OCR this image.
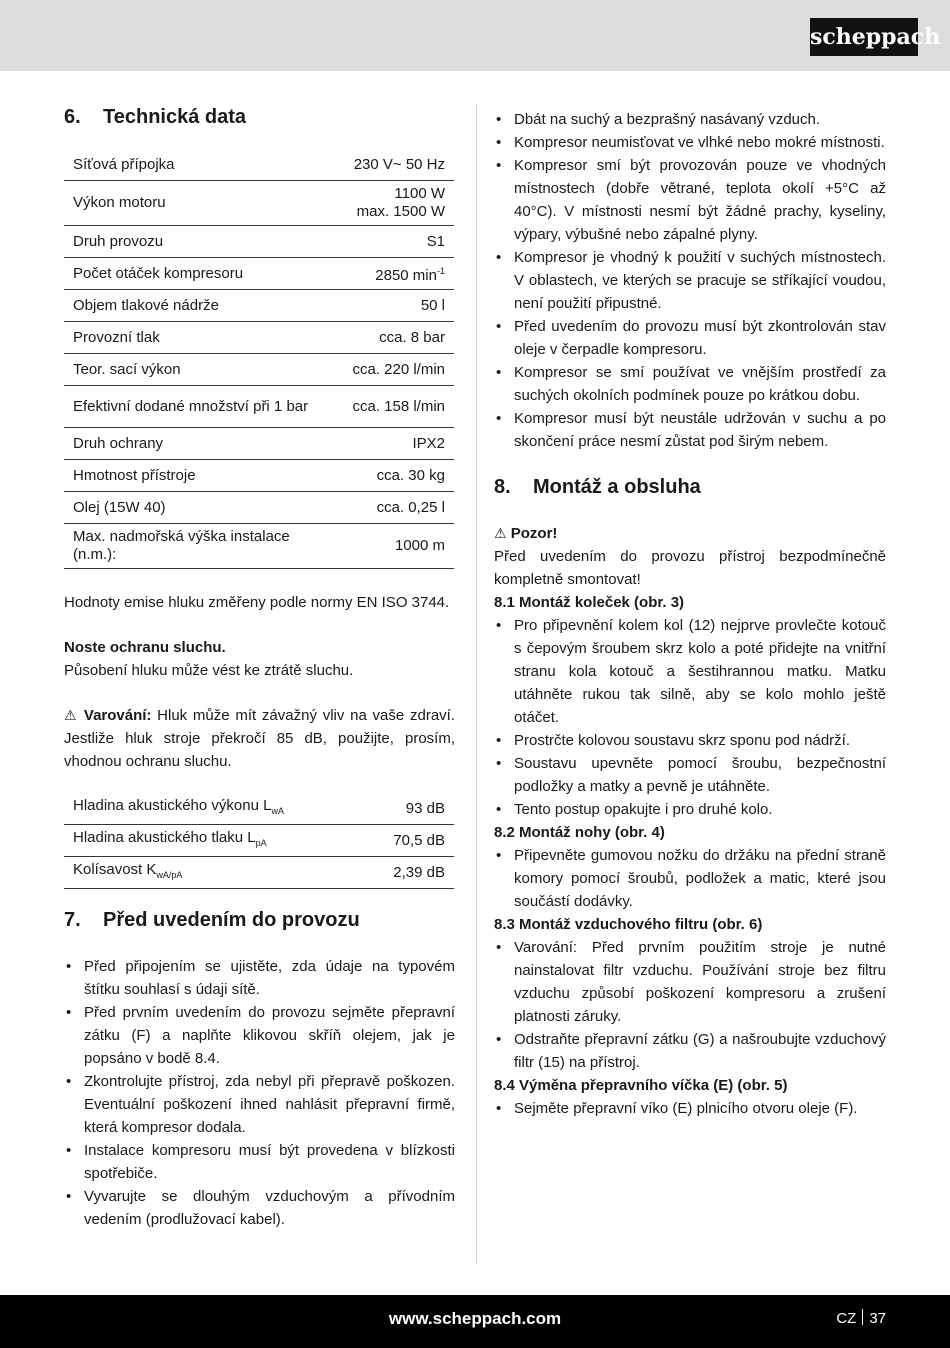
scheppach
6.	Technická data
Síťová přípojka	230 V~ 50 Hz
Výkon motoru	1100 W
max. 1500 W
Druh provozu	S1
Počet otáček kompresoru	2850 $\min^{-1}$
Objem tlakové nádrže	50 l
Provozní tlak	cca. 8 bar
Teor. sací výkon	cca. 220 l/min
Efektivní dodané množství při 1 bar	cca. 158 l/min
Druh ochrany	IPX2
Hmotnost přístroje	cca. 30 kg
Olej (15W 40)	cca. 0,25 l
Max. nadmořská výška instalace (n.m.):	1000 m

Hodnoty emise hluku změřeny podle normy EN ISO 3744.

Noste ochranu sluchu.

Působení hluku může vést ke ztrátě sluchu.

⚠ Varování: Hluk může mít závažný vliv na vaše zdraví. Jestliže hluk stroje překročí 85 dB, použijte, prosím, vhodnou ochranu sluchu.

Hladina akustického výkonu $L_{wA}$	93 dB
Hladina akustického tlaku $L_{pA}$	70,5 dB
Kolísavost $K_{wA/pA}$	2,39 dB
7.	Před uvedením do provozu
• Před připojením se ujistěte, zda údaje na typovém štítku souhlasí s údaji sítě.
• Před prvním uvedením do provozu sejměte přepravní zátku (F) a naplňte klikovou skříň olejem, jak je popsáno v bodě 8.4.
• Zkontrolujte přístroj, zda nebyl při přepravě poškozen. Eventuální poškození ihned nahlásit přepravní firmě, která kompresor dodala.
• Instalace kompresoru musí být provedena v blízkosti spotřebiče.
• Vyvarujte se dlouhým vzduchovým a přívodním vedením (prodlužovací kabel).
• Dbát na suchý a bezprašný nasávaný vzduch.
• Kompresor neumisťovat ve vlhké nebo mokré místnosti.
• Kompresor smí být provozován pouze ve vhodných místnostech (dobře větrané, teplota okolí +5°C až 40°C). V místnosti nesmí být žádné prachy, kyseliny, výpary, výbušné nebo zápalné plyny.
• Kompresor je vhodný k použití v suchých místnostech. V oblastech, ve kterých se pracuje se stříkající voudou, není použití připustné.
• Před uvedením do provozu musí být zkontrolován stav oleje v čerpadle kompresoru.
• Kompresor se smí používat ve vnějším prostředí za suchých okolních podmínek pouze po krátkou dobu.
• Kompresor musí být neustále udržován v suchu a po skončení práce nesmí zůstat pod širým nebem.
8.	Montáž a obsluha

⚠ Pozor!

Před uvedením do provozu přístroj bezpodmínečně kompletně smontovat!

8.1 Montáž koleček (obr. 3)
• Pro připevnění kolem kol (12) nejprve provlečte kotouč s čepovým šroubem skrz kolo a poté přidejte na vnitřní stranu kola kotouč a šestihrannou matku. Matku utáhněte rukou tak silně, aby se kolo mohlo ještě otáčet.
• Prostrčte kolovou soustavu skrz sponu pod nádrží.
• Soustavu upevněte pomocí šroubu, bezpečnostní podložky a matky a pevně je utáhněte.
• Tento postup opakujte i pro druhé kolo.
8.2 Montáž nohy (obr. 4)
• Připevněte gumovou nožku do držáku na přední straně komory pomocí šroubů, podložek a matic, které jsou součástí dodávky.
8.3 Montáž vzduchového filtru (obr. 6)
• Varování: Před prvním použitím stroje je nutné nainstalovat filtr vzduchu. Používání stroje bez filtru vzduchu způsobí poškození kompresoru a zrušení platnosti záruky.
• Odstraňte přepravní zátku (G) a našroubujte vzduchový filtr (15) na přístroj.
8.4 Výměna přepravního víčka (E) (obr. 5)
• Sejměte přepravní víko (E) plnicího otvoru oleje (F).
www.scheppach.com	CZ 37
